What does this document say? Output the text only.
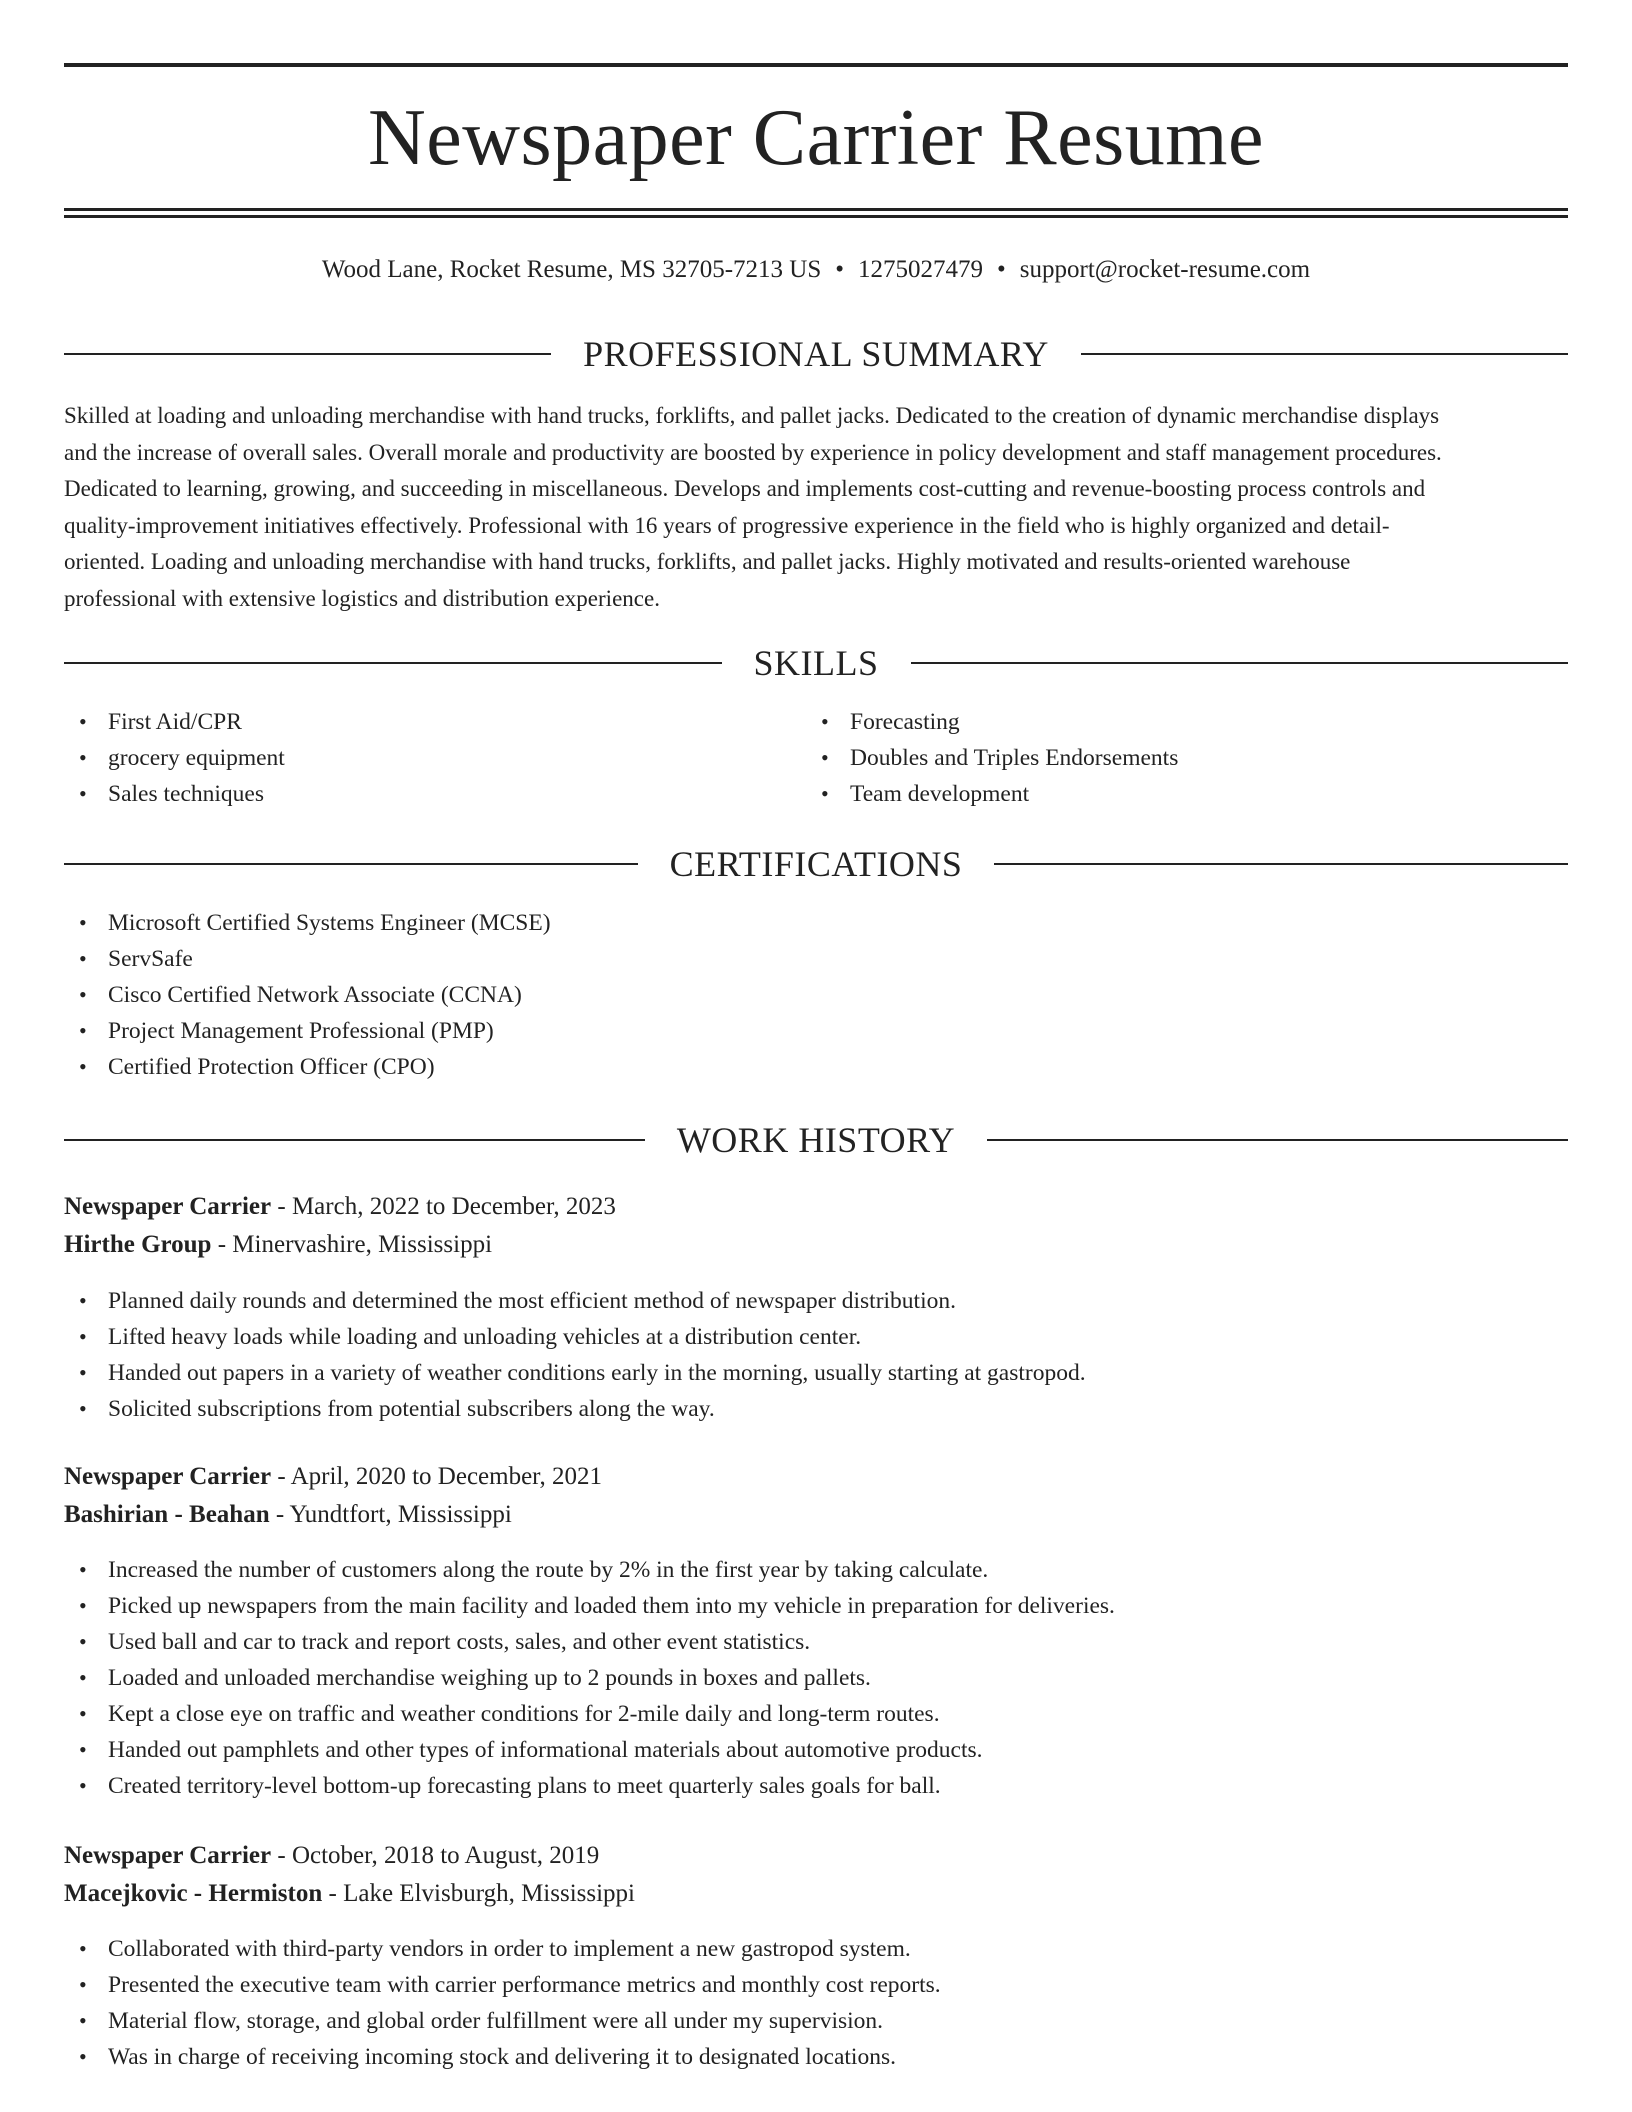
Newspaper Carrier Resume
Wood Lane, Rocket Resume, MS 32705-7213 US • 1275027479 • support@rocket-resume.com
PROFESSIONAL SUMMARY

Skilled at loading and unloading merchandise with hand trucks, forklifts, and pallet jacks. Dedicated to the creation of dynamic merchandise displays
and the increase of overall sales. Overall morale and productivity are boosted by experience in policy development and staff management procedures.
Dedicated to learning, growing, and succeeding in miscellaneous. Develops and implements cost-cutting and revenue-boosting process controls and
quality-improvement initiatives effectively. Professional with 16 years of progressive experience in the field who is highly organized and detail-
oriented. Loading and unloading merchandise with hand trucks, forklifts, and pallet jacks. Highly motivated and results-oriented warehouse
professional with extensive logistics and distribution experience.

SKILLS
• First Aid/CPR
• grocery equipment
• Sales techniques
• Forecasting
• Doubles and Triples Endorsements
• Team development
CERTIFICATIONS
• Microsoft Certified Systems Engineer (MCSE)
• ServSafe
• Cisco Certified Network Associate (CCNA)
• Project Management Professional (PMP)
• Certified Protection Officer (CPO)
WORK HISTORY
Newspaper Carrier - March, 2022 to December, 2023
Hirthe Group - Minervashire, Mississippi
• Planned daily rounds and determined the most efficient method of newspaper distribution.
• Lifted heavy loads while loading and unloading vehicles at a distribution center.
• Handed out papers in a variety of weather conditions early in the morning, usually starting at gastropod.
• Solicited subscriptions from potential subscribers along the way.
Newspaper Carrier - April, 2020 to December, 2021
Bashirian - Beahan - Yundtfort, Mississippi
• Increased the number of customers along the route by 2% in the first year by taking calculate.
• Picked up newspapers from the main facility and loaded them into my vehicle in preparation for deliveries.
• Used ball and car to track and report costs, sales, and other event statistics.
• Loaded and unloaded merchandise weighing up to 2 pounds in boxes and pallets.
• Kept a close eye on traffic and weather conditions for 2-mile daily and long-term routes.
• Handed out pamphlets and other types of informational materials about automotive products.
• Created territory-level bottom-up forecasting plans to meet quarterly sales goals for ball.
Newspaper Carrier - October, 2018 to August, 2019
Macejkovic - Hermiston - Lake Elvisburgh, Mississippi
• Collaborated with third-party vendors in order to implement a new gastropod system.
• Presented the executive team with carrier performance metrics and monthly cost reports.
• Material flow, storage, and global order fulfillment were all under my supervision.
• Was in charge of receiving incoming stock and delivering it to designated locations.
